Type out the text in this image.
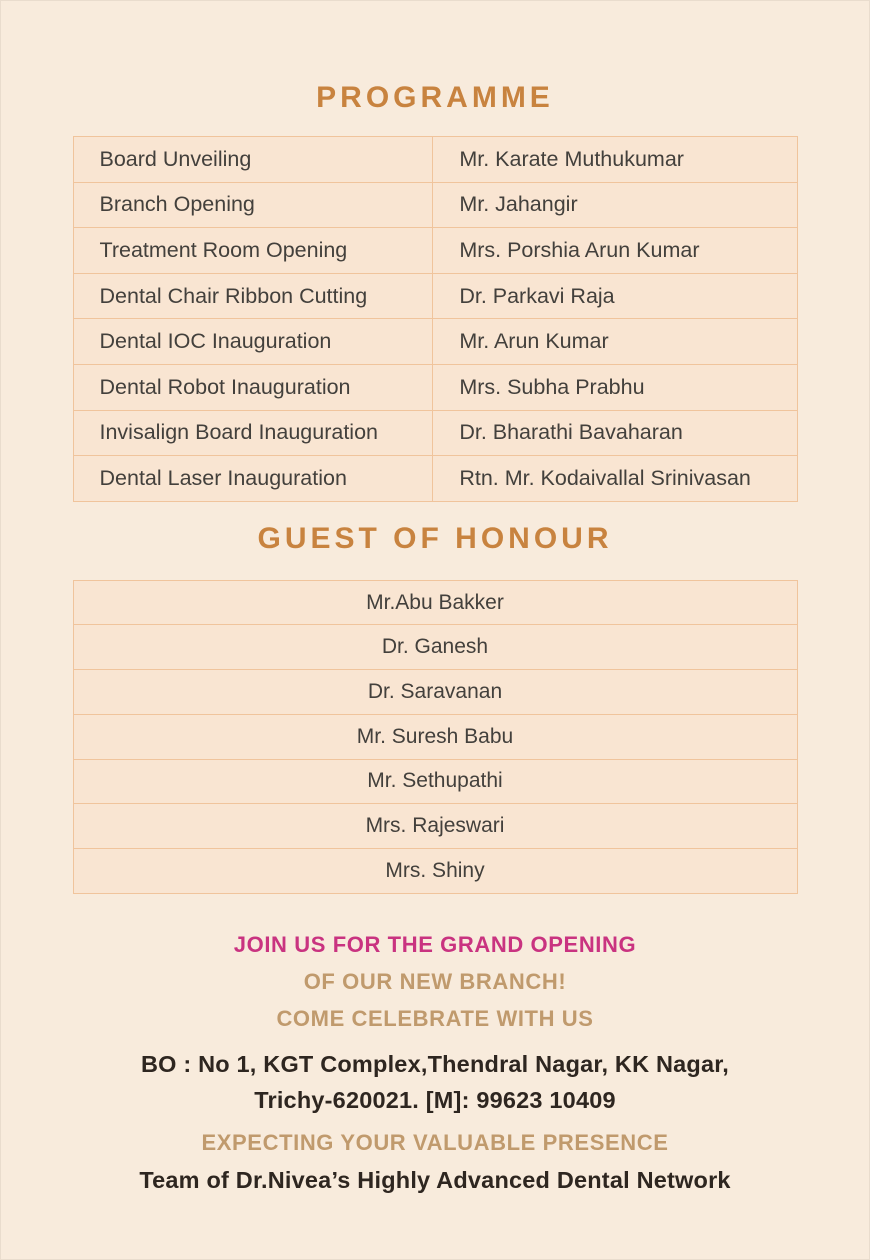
PROGRAMME
Board Unveiling	Mr. Karate Muthukumar
Branch Opening	Mr. Jahangir
Treatment Room Opening	Mrs. Porshia Arun Kumar
Dental Chair Ribbon Cutting	Dr. Parkavi Raja
Dental IOC Inauguration	Mr. Arun Kumar
Dental Robot Inauguration	Mrs. Subha Prabhu
Invisalign Board Inauguration	Dr. Bharathi Bavaharan
Dental Laser Inauguration	Rtn. Mr. Kodaivallal Srinivasan
GUEST OF HONOUR
Mr.Abu Bakker
Dr. Ganesh
Dr. Saravanan
Mr. Suresh Babu
Mr. Sethupathi
Mrs. Rajeswari
Mrs. Shiny
JOIN US FOR THE GRAND OPENING
OF OUR NEW BRANCH!
COME CELEBRATE WITH US
BO : No 1, KGT Complex,Thendral Nagar, KK Nagar,
Trichy-620021. [M]: 99623 10409
EXPECTING YOUR VALUABLE PRESENCE
Team of Dr.Nivea’s Highly Advanced Dental Network
